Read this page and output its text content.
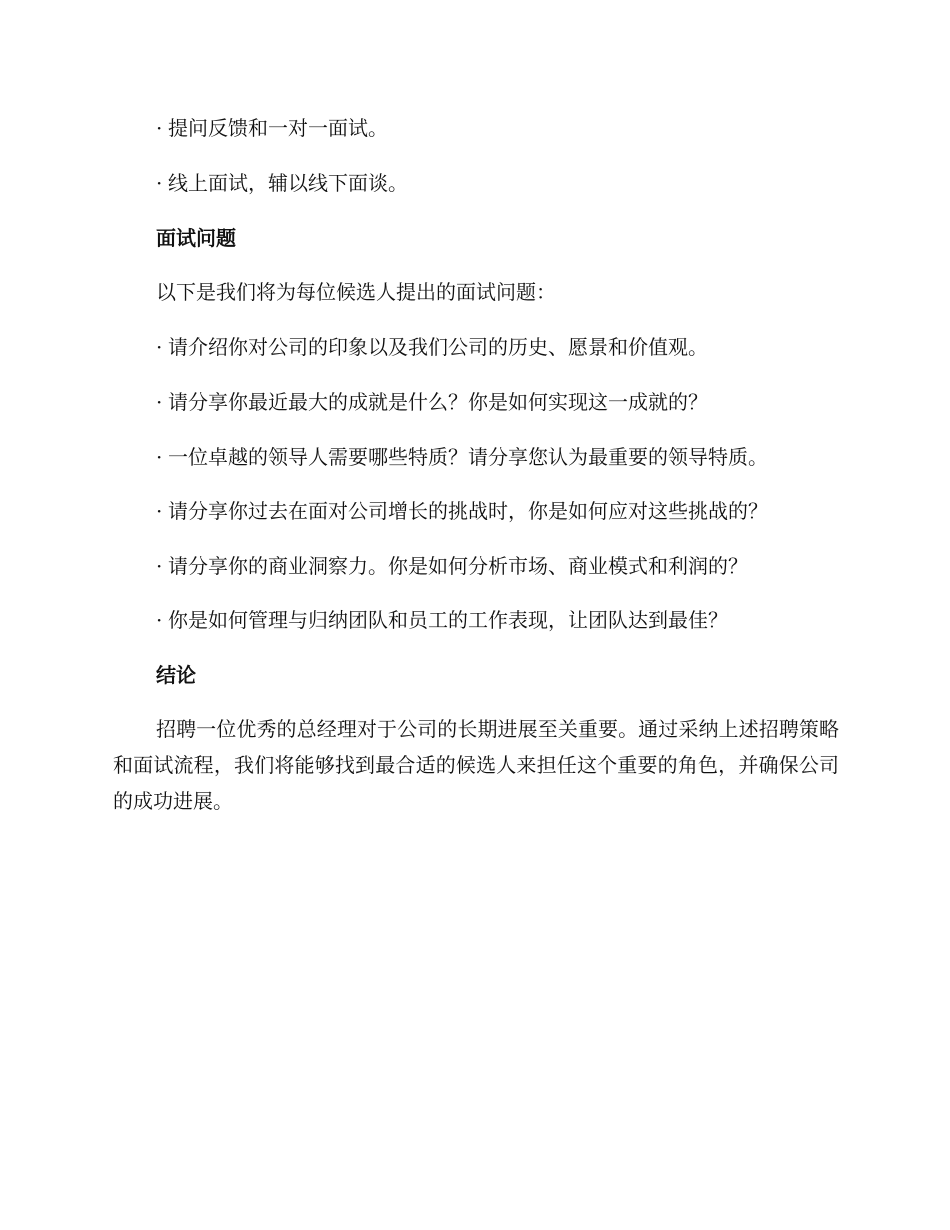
· 提问反馈和一对一面试。
· 线上面试，辅以线下面谈。
面试问题
以下是我们将为每位候选人提出的面试问题：
· 请介绍你对公司的印象以及我们公司的历史、愿景和价值观。
· 请分享你最近最大的成就是什么？你是如何实现这一成就的？
· 一位卓越的领导人需要哪些特质？请分享您认为最重要的领导特质。
· 请分享你过去在面对公司增长的挑战时，你是如何应对这些挑战的？
· 请分享你的商业洞察力。你是如何分析市场、商业模式和利润的？
· 你是如何管理与归纳团队和员工的工作表现，让团队达到最佳？
结论
招聘一位优秀的总经理对于公司的长期进展至关重要。通过采纳上述招聘策略和面试流程，我们将能够找到最合适的候选人来担任这个重要的角色，并确保公司的成功进展。
